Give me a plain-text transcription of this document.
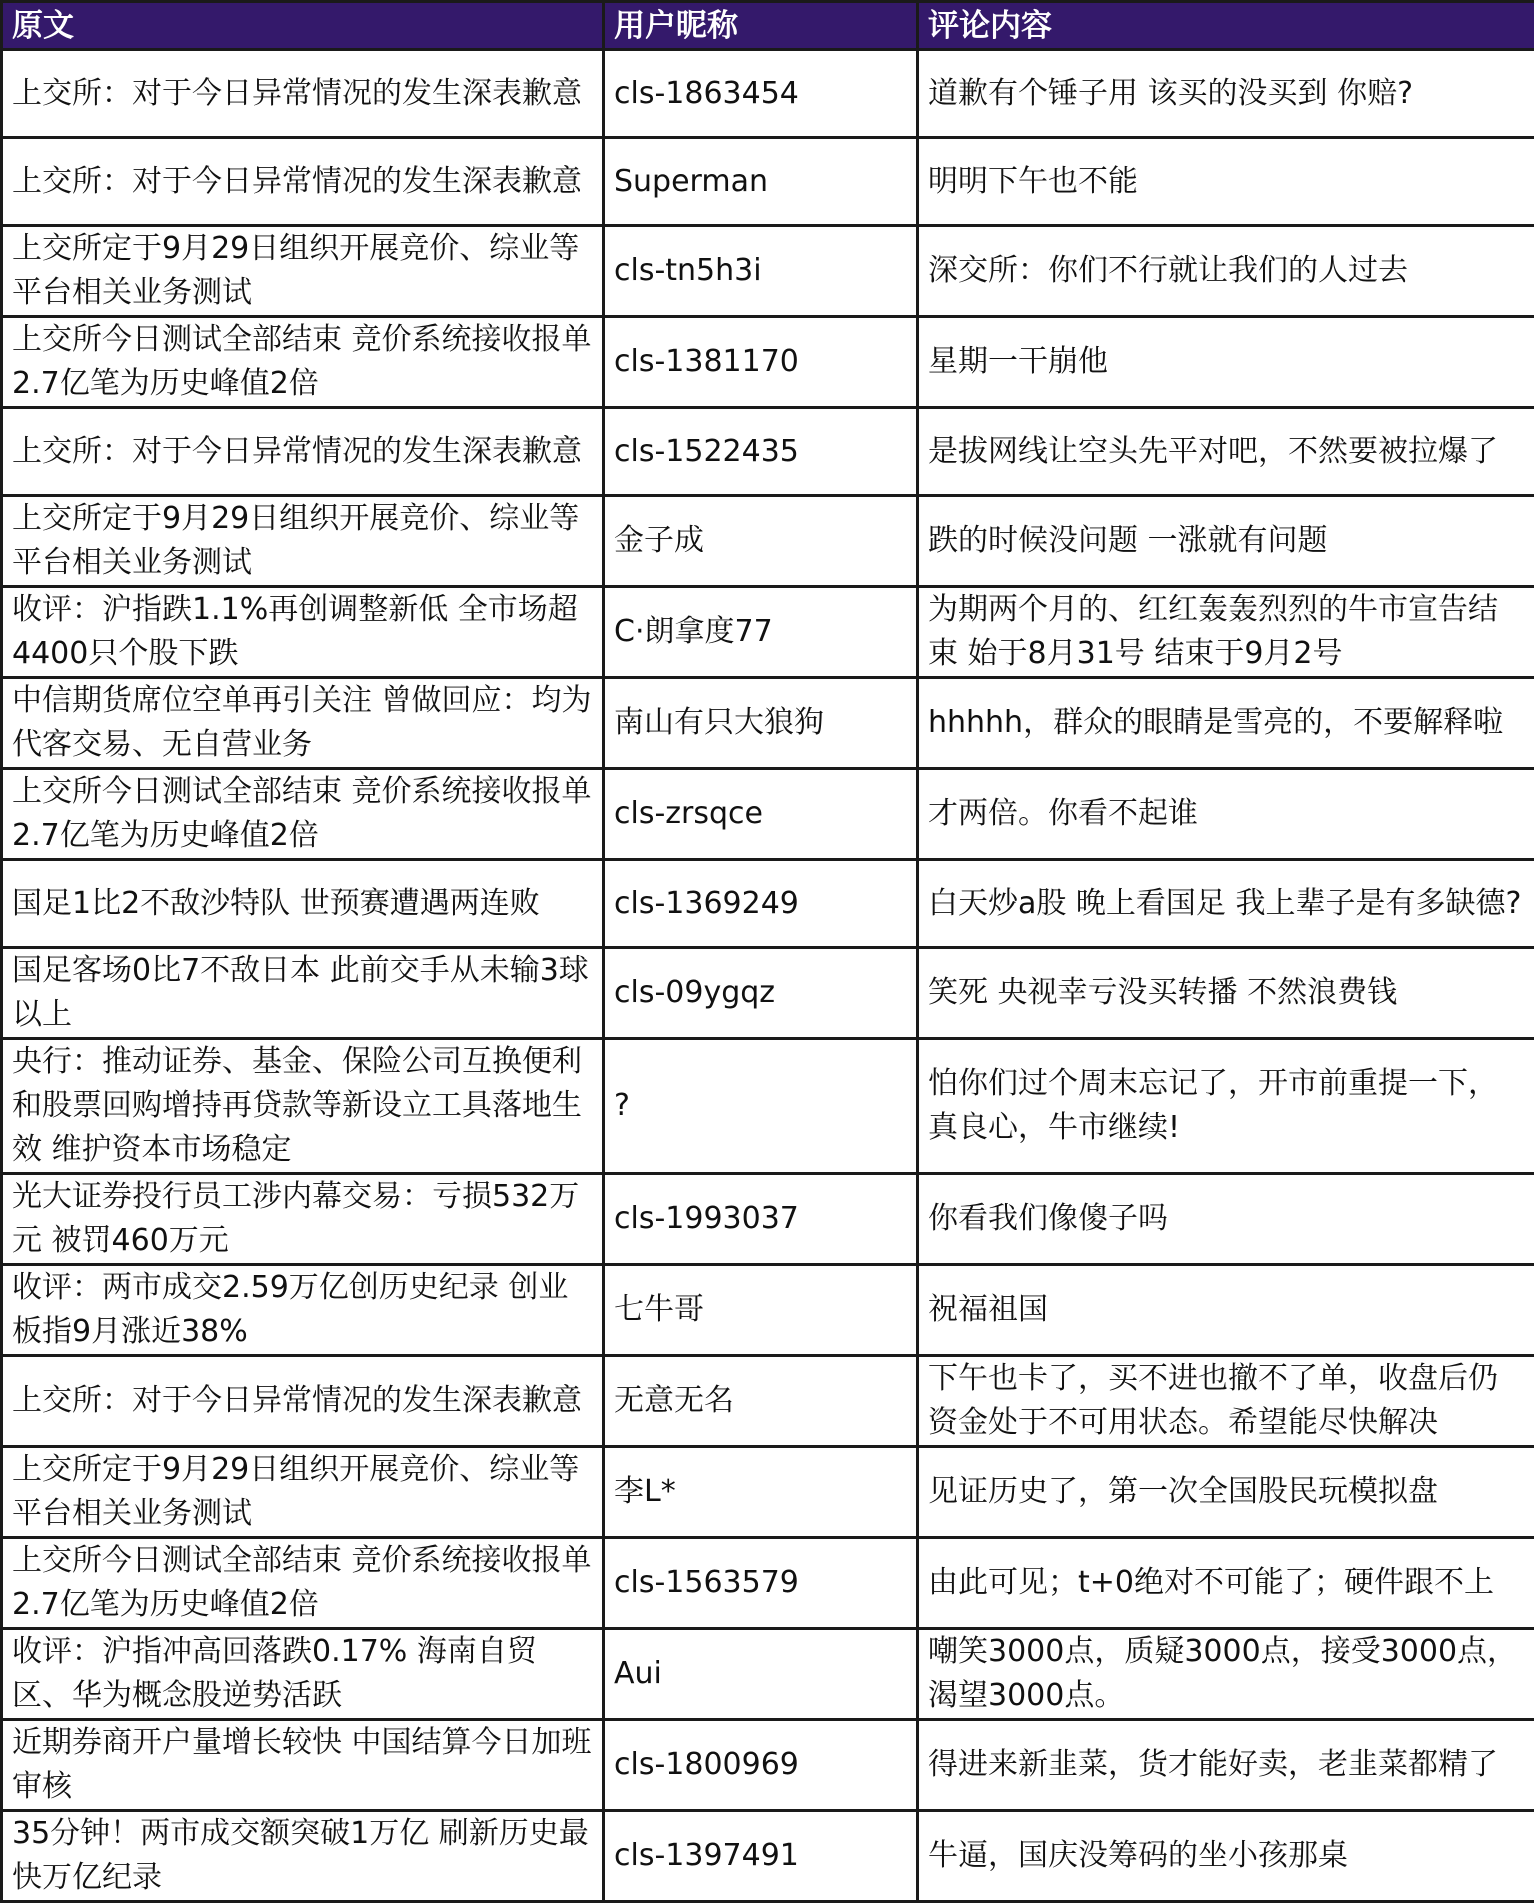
原文	用户昵称	评论内容
上交所：对于今日异常情况的发生深表歉意	cls-1863454	道歉有个锤子用 该买的没买到 你赔?
上交所：对于今日异常情况的发生深表歉意	Superman	明明下午也不能
上交所定于9月29日组织开展竞价、综业等平台相关业务测试	cls-tn5h3i	深交所：你们不行就让我们的人过去
上交所今日测试全部结束 竞价系统接收报单2.7亿笔为历史峰值2倍	cls-1381170	星期一干崩他
上交所：对于今日异常情况的发生深表歉意	cls-1522435	是拔网线让空头先平对吧，不然要被拉爆了
上交所定于9月29日组织开展竞价、综业等平台相关业务测试	金子成	跌的时候没问题 一涨就有问题
收评：沪指跌1.1%再创调整新低 全市场超4400只个股下跌	C·朗拿度77	为期两个月的、红红轰轰烈烈的牛市宣告结束 始于8月31号 结束于9月2号
中信期货席位空单再引关注 曾做回应：均为代客交易、无自营业务	南山有只大狼狗	hhhhh，群众的眼睛是雪亮的，不要解释啦
上交所今日测试全部结束 竞价系统接收报单2.7亿笔为历史峰值2倍	cls-zrsqce	才两倍。你看不起谁
国足1比2不敌沙特队 世预赛遭遇两连败	cls-1369249	白天炒a股 晚上看国足 我上辈子是有多缺德?
国足客场0比7不敌日本 此前交手从未输3球以上	cls-09ygqz	笑死 央视幸亏没买转播 不然浪费钱
央行：推动证券、基金、保险公司互换便利和股票回购增持再贷款等新设立工具落地生效 维护资本市场稳定	?	怕你们过个周末忘记了，开市前重提一下，真良心，牛市继续!
光大证券投行员工涉内幕交易：亏损532万元 被罚460万元	cls-1993037	你看我们像傻子吗
收评：两市成交2.59万亿创历史纪录 创业板指9月涨近38%	七牛哥	祝福祖国
上交所：对于今日异常情况的发生深表歉意	无意无名	下午也卡了，买不进也撤不了单，收盘后仍资金处于不可用状态。希望能尽快解决
上交所定于9月29日组织开展竞价、综业等平台相关业务测试	李L*	见证历史了，第一次全国股民玩模拟盘
上交所今日测试全部结束 竞价系统接收报单2.7亿笔为历史峰值2倍	cls-1563579	由此可见；t+0绝对不可能了；硬件跟不上
收评：沪指冲高回落跌0.17% 海南自贸区、华为概念股逆势活跃	Aui	嘲笑3000点，质疑3000点，接受3000点，渴望3000点。
近期券商开户量增长较快 中国结算今日加班审核	cls-1800969	得进来新韭菜，货才能好卖，老韭菜都精了
35分钟！两市成交额突破1万亿 刷新历史最快万亿纪录	cls-1397491	牛逼，国庆没筹码的坐小孩那桌
